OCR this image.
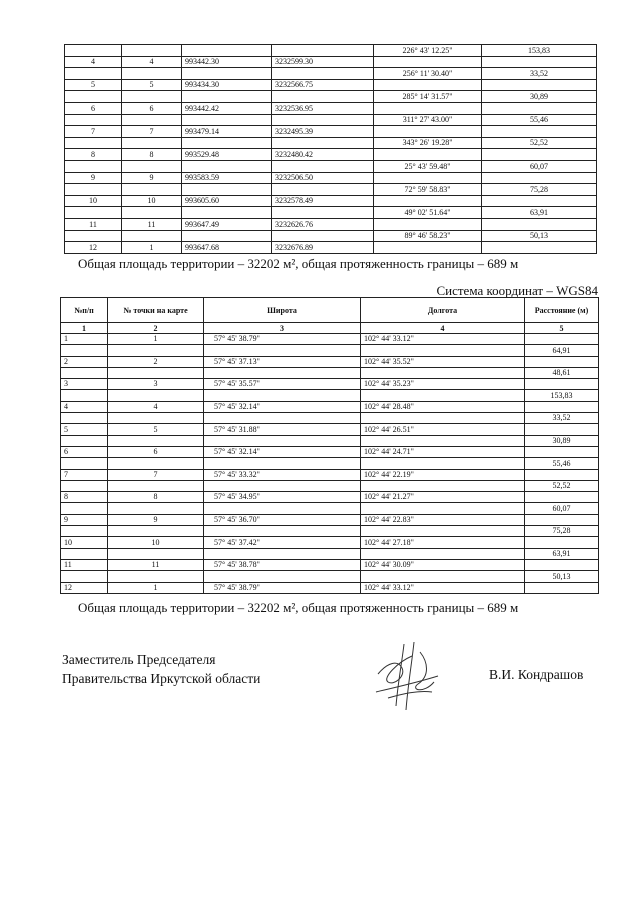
				226° 43' 12.25"	153,83
4	4	993442.30	3232599.30		
				256° 11' 30.40"	33,52
5	5	993434.30	3232566.75		
				285° 14' 31.57"	30,89
6	6	993442.42	3232536.95		
				311° 27' 43.00"	55,46
7	7	993479.14	3232495.39		
				343° 26' 19.28"	52,52
8	8	993529.48	3232480.42		
				25° 43' 59.48"	60,07
9	9	993583.59	3232506.50		
				72° 59' 58.83"	75,28
10	10	993605.60	3232578.49		
				49° 02' 51.64"	63,91
11	11	993647.49	3232626.76		
				89° 46' 58.23"	50,13
12	1	993647.68	3232676.89		
Общая площадь территории – 32202 м², общая протяженность границы – 689 м
Система координат – WGS84
№п/п	№ точки на карте	Широта	Долгота	Расстояние (м)
1	2	3	4	5
1	1	57° 45' 38.79"	102° 44' 33.12"	
				64,91
2	2	57° 45' 37.13"	102° 44' 35.52"	
				48,61
3	3	57° 45' 35.57"	102° 44' 35.23"	
				153,83
4	4	57° 45' 32.14"	102° 44' 28.48"	
				33,52
5	5	57° 45' 31.88"	102° 44' 26.51"	
				30,89
6	6	57° 45' 32.14"	102° 44' 24.71"	
				55,46
7	7	57° 45' 33.32"	102° 44' 22.19"	
				52,52
8	8	57° 45' 34.95"	102° 44' 21.27"	
				60,07
9	9	57° 45' 36.70"	102° 44' 22.83"	
				75,28
10	10	57° 45' 37.42"	102° 44' 27.18"	
				63,91
11	11	57° 45' 38.78"	102° 44' 30.09"	
				50,13
12	1	57° 45' 38.79"	102° 44' 33.12"	
Общая площадь территории – 32202 м², общая протяженность границы – 689 м
Заместитель Председателя
Правительства Иркутской области	В.И. Кондрашов
